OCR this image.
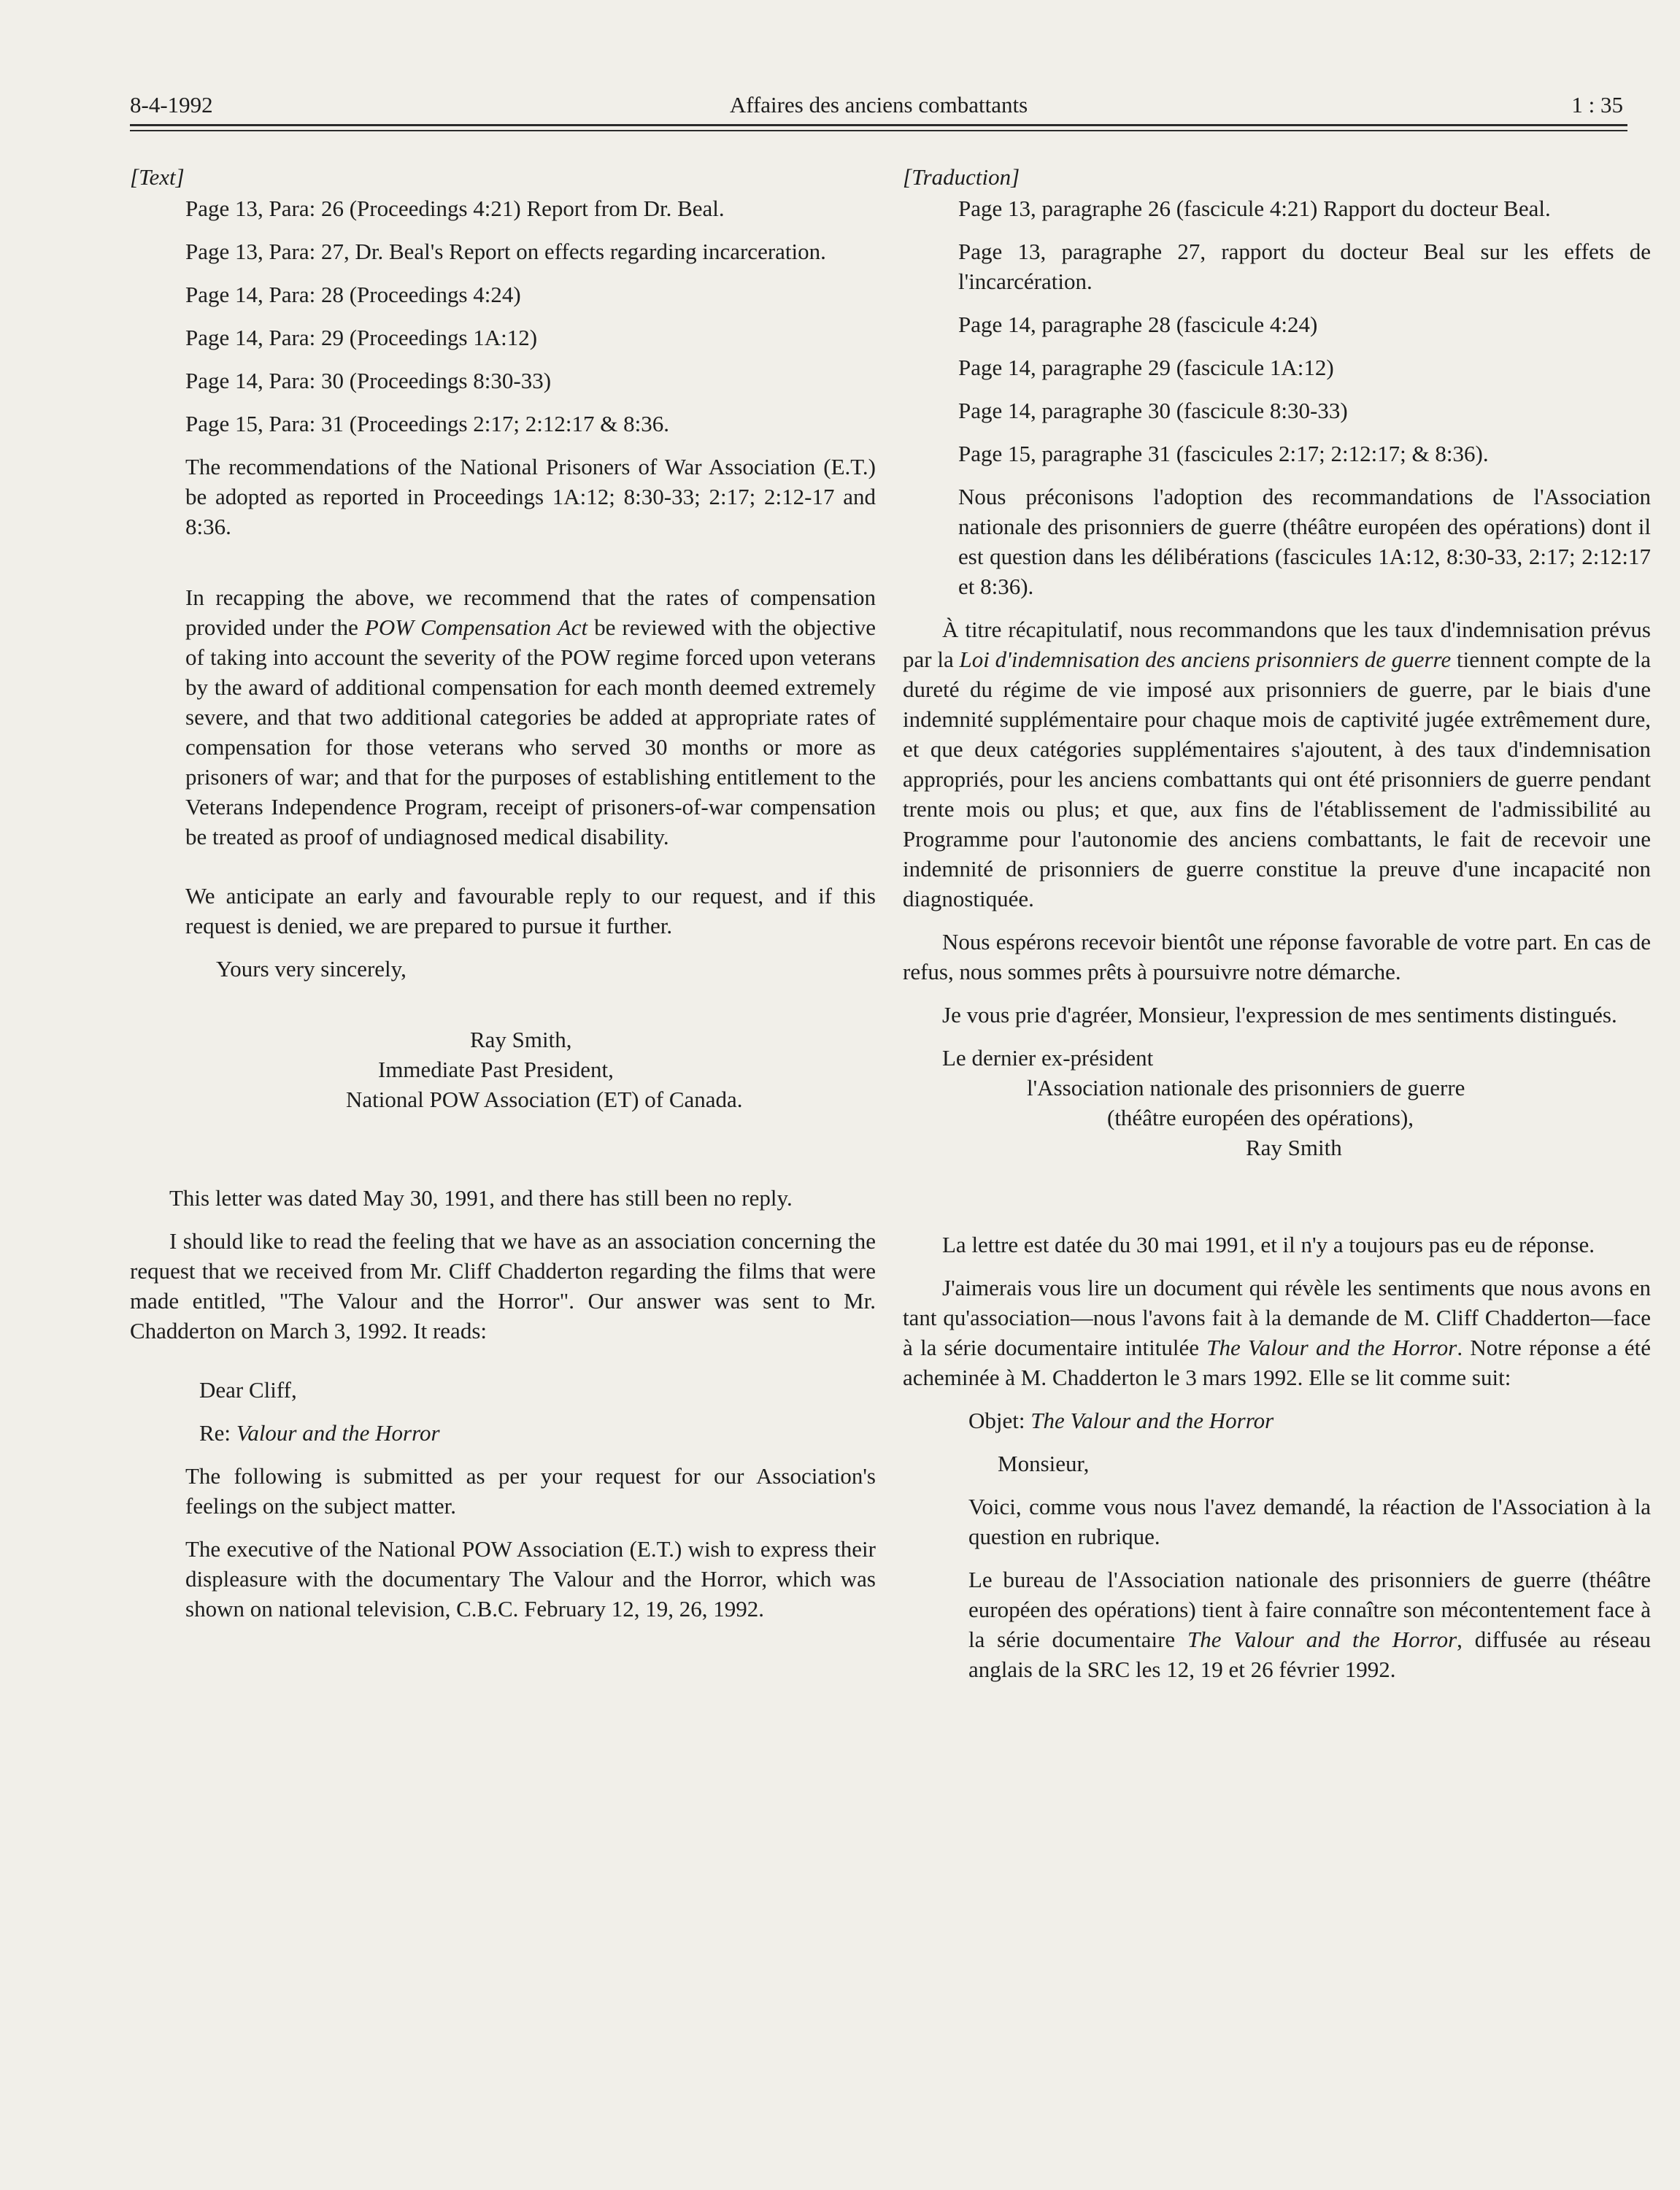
8-4-1992	Affaires des anciens combattants	1 : 35

[Text]

Page 13, Para: 26 (Proceedings 4:21) Report from Dr. Beal.

Page 13, Para: 27, Dr. Beal's Report on effects regarding incarceration.

Page 14, Para: 28 (Proceedings 4:24)

Page 14, Para: 29 (Proceedings 1A:12)

Page 14, Para: 30 (Proceedings 8:30-33)

Page 15, Para: 31 (Proceedings 2:17; 2:12:17 & 8:36.

The recommendations of the National Prisoners of War Association (E.T.) be adopted as reported in Proceedings 1A:12; 8:30-33; 2:17; 2:12-17 and 8:36.

In recapping the above, we recommend that the rates of compensation provided under the POW Compensation Act be reviewed with the objective of taking into account the severity of the POW regime forced upon veterans by the award of additional compensation for each month deemed extremely severe, and that two additional categories be added at appropriate rates of compensation for those veterans who served 30 months or more as prisoners of war; and that for the purposes of establishing entitlement to the Veterans Independence Program, receipt of prisoners-of-war compensation be treated as proof of undiagnosed medical disability.

We anticipate an early and favourable reply to our request, and if this request is denied, we are prepared to pursue it further.

Yours very sincerely,

Ray Smith,

Immediate Past President,

National POW Association (ET) of Canada.

This letter was dated May 30, 1991, and there has still been no reply.

I should like to read the feeling that we have as an association concerning the request that we received from Mr. Cliff Chadderton regarding the films that were made entitled, "The Valour and the Horror". Our answer was sent to Mr. Chadderton on March 3, 1992. It reads:

Dear Cliff,

Re: Valour and the Horror

The following is submitted as per your request for our Association's feelings on the subject matter.

The executive of the National POW Association (E.T.) wish to express their displeasure with the documentary The Valour and the Horror, which was shown on national television, C.B.C. February 12, 19, 26, 1992.

[Traduction]

Page 13, paragraphe 26 (fascicule 4:21) Rapport du docteur Beal.

Page 13, paragraphe 27, rapport du docteur Beal sur les effets de l'incarcération.

Page 14, paragraphe 28 (fascicule 4:24)

Page 14, paragraphe 29 (fascicule 1A:12)

Page 14, paragraphe 30 (fascicule 8:30-33)

Page 15, paragraphe 31 (fascicules 2:17; 2:12:17; & 8:36).

Nous préconisons l'adoption des recommandations de l'Association nationale des prisonniers de guerre (théâtre européen des opérations) dont il est question dans les délibérations (fascicules 1A:12, 8:30-33, 2:17; 2:12:17 et 8:36).

À titre récapitulatif, nous recommandons que les taux d'indemnisation prévus par la Loi d'indemnisation des anciens prisonniers de guerre tiennent compte de la dureté du régime de vie imposé aux prisonniers de guerre, par le biais d'une indemnité supplémentaire pour chaque mois de captivité jugée extrêmement dure, et que deux catégories supplémentaires s'ajoutent, à des taux d'indemnisation appropriés, pour les anciens combattants qui ont été prisonniers de guerre pendant trente mois ou plus; et que, aux fins de l'établissement de l'admissibilité au Programme pour l'autonomie des anciens combattants, le fait de recevoir une indemnité de prisonniers de guerre constitue la preuve d'une incapacité non diagnostiquée.

Nous espérons recevoir bientôt une réponse favorable de votre part. En cas de refus, nous sommes prêts à poursuivre notre démarche.

Je vous prie d'agréer, Monsieur, l'expression de mes sentiments distingués.

Le dernier ex-président

l'Association nationale des prisonniers de guerre

(théâtre européen des opérations),

Ray Smith

La lettre est datée du 30 mai 1991, et il n'y a toujours pas eu de réponse.

J'aimerais vous lire un document qui révèle les sentiments que nous avons en tant qu'association—nous l'avons fait à la demande de M. Cliff Chadderton—face à la série documentaire intitulée The Valour and the Horror. Notre réponse a été acheminée à M. Chadderton le 3 mars 1992. Elle se lit comme suit:

Objet: The Valour and the Horror

Monsieur,

Voici, comme vous nous l'avez demandé, la réaction de l'Association à la question en rubrique.

Le bureau de l'Association nationale des prisonniers de guerre (théâtre européen des opérations) tient à faire connaître son mécontentement face à la série documentaire The Valour and the Horror, diffusée au réseau anglais de la SRC les 12, 19 et 26 février 1992.
